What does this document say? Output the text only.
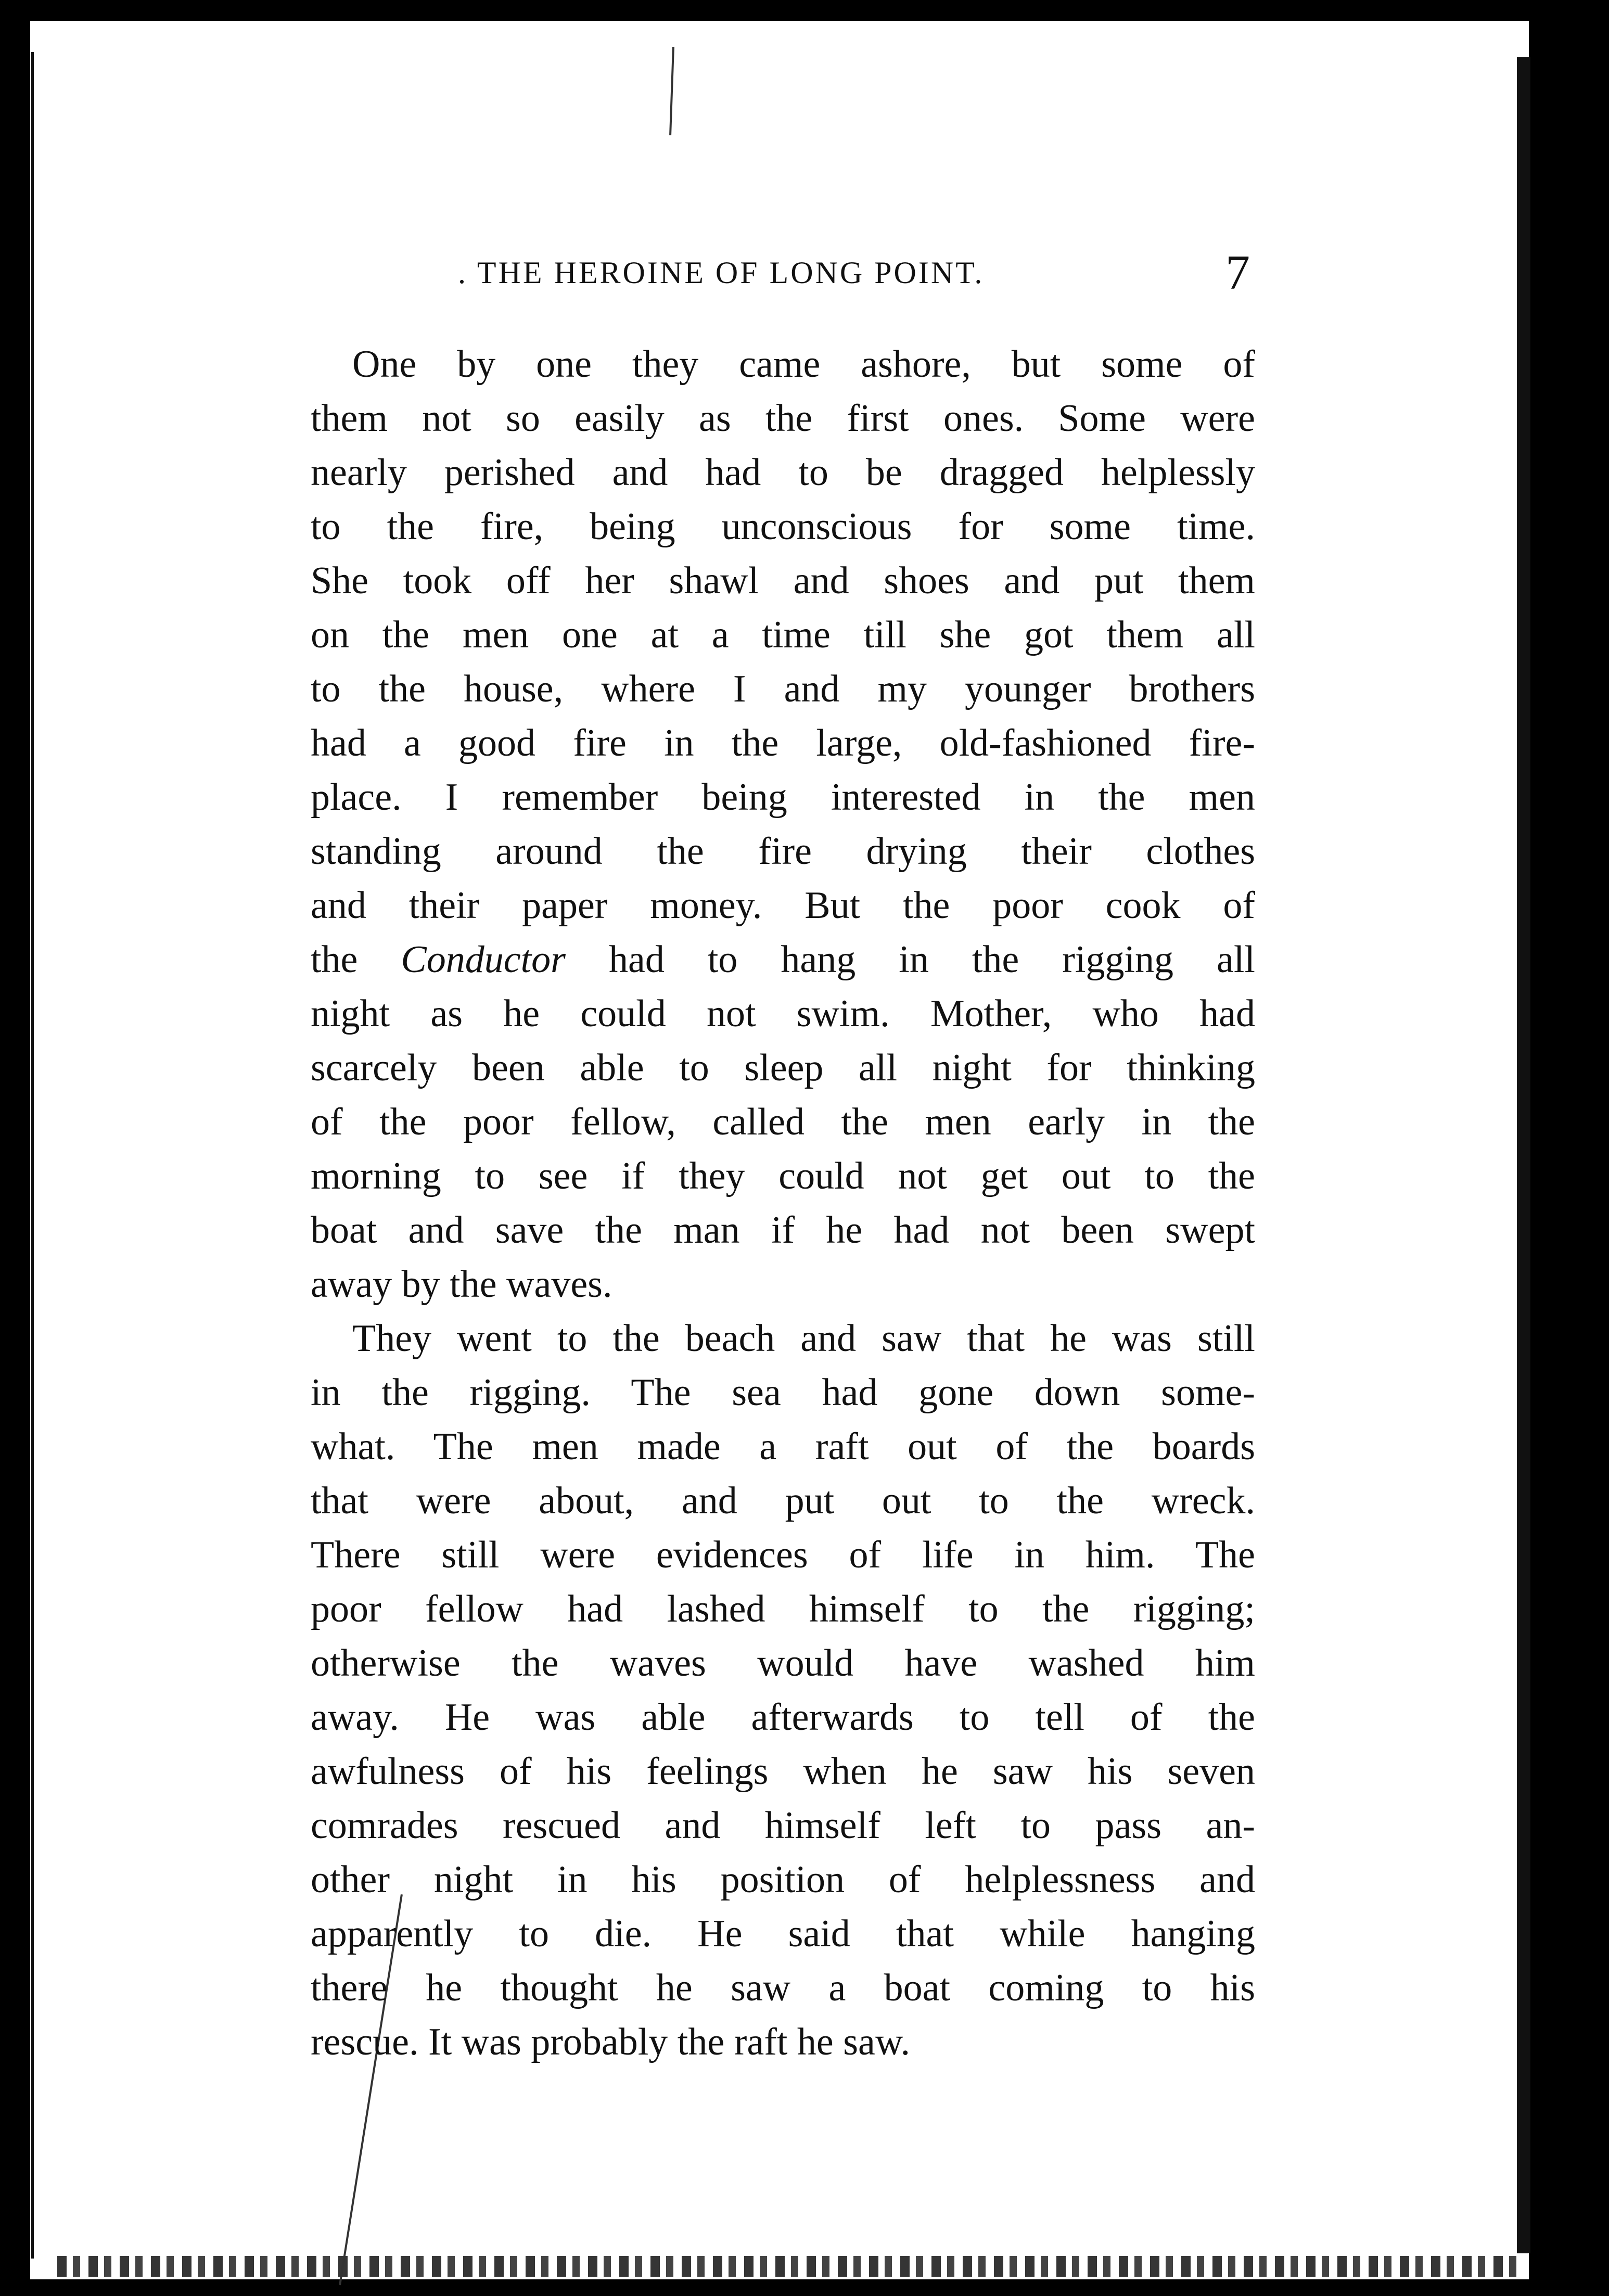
. THE HEROINE OF LONG POINT.	7
One by one they came ashore, but some of
them not so easily as the first ones. Some were
nearly perished and had to be dragged helplessly
to the fire, being unconscious for some time.
She took off her shawl and shoes and put them
on the men one at a time till she got them all
to the house, where I and my younger brothers
had a good fire in the large, old-fashioned fire-
place. I remember being interested in the men
standing around the fire drying their clothes
and their paper money. But the poor cook of
the Conductor had to hang in the rigging all
night as he could not swim. Mother, who had
scarcely been able to sleep all night for thinking
of the poor fellow, called the men early in the
morning to see if they could not get out to the
boat and save the man if he had not been swept
away by the waves.
They went to the beach and saw that he was still
in the rigging. The sea had gone down some-
what. The men made a raft out of the boards
that were about, and put out to the wreck.
There still were evidences of life in him. The
poor fellow had lashed himself to the rigging;
otherwise the waves would have washed him
away. He was able afterwards to tell of the
awfulness of his feelings when he saw his seven
comrades rescued and himself left to pass an-
other night in his position of helplessness and
apparently to die. He said that while hanging
there he thought he saw a boat coming to his
rescue. It was probably the raft he saw.
